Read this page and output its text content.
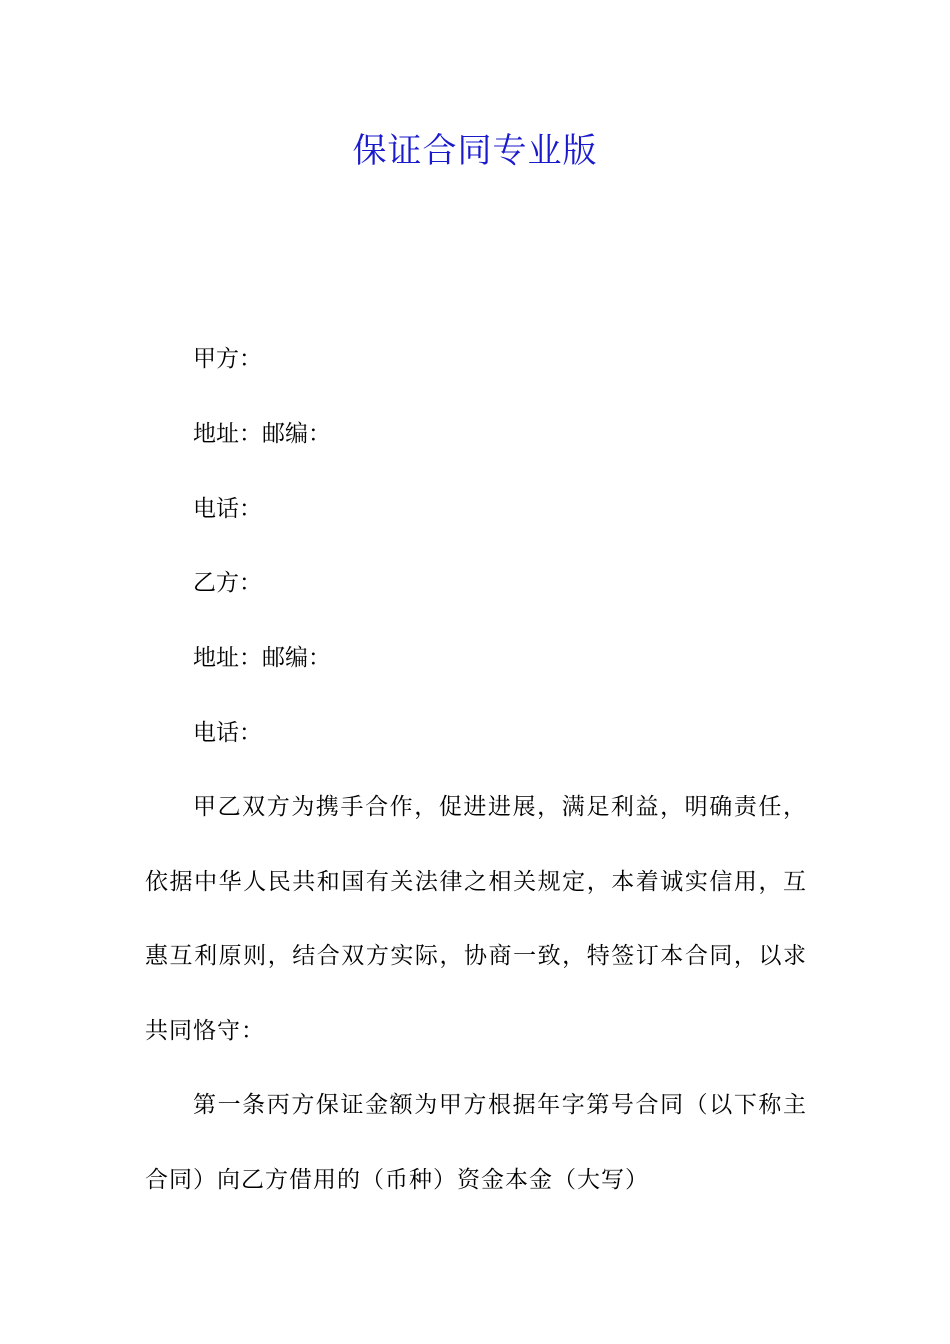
保证合同专业版
甲方：
地址：邮编：
电话：
乙方：
地址：邮编：
电话：
甲乙双方为携手合作，促进进展，满足利益，明确责任，依据中华人民共和国有关法律之相关规定，本着诚实信用，互惠互利原则，结合双方实际，协商一致，特签订本合同，以求共同恪守：
第一条丙方保证金额为甲方根据年字第号合同（以下称主合同）向乙方借用的（币种）资金本金（大写）
